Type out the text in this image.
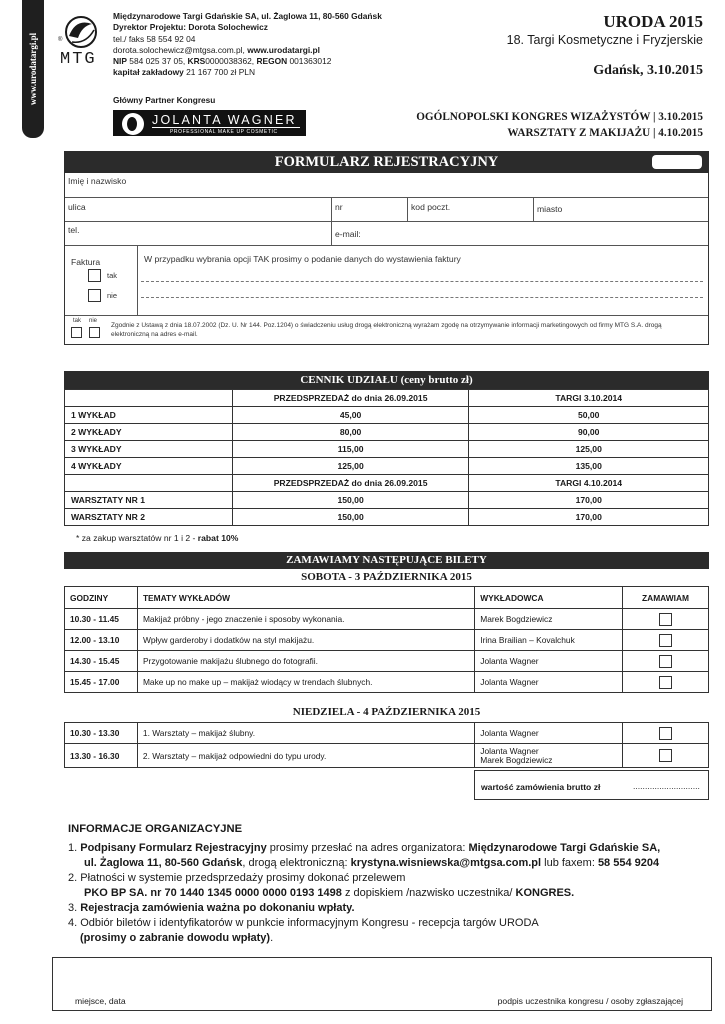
www.urodatargi.pl	®
MTG
Międzynarodowe Targi Gdańskie SA, ul. Żaglowa 11, 80-560 Gdańsk
Dyrektor Projektu: Dorota Solochewicz
tel./ faks 58 554 92 04
dorota.solochewicz@mtgsa.com.pl, www.urodatargi.pl
NIP 584 025 37 05, KRS0000038362, REGON 001363012
kapitał zakładowy 21 167 700 zł PLN
URODA 2015
18. Targi Kosmetyczne i Fryzjerskie
Gdańsk, 3.10.2015
Główny Partner Kongresu
JOLANTA WAGNER
PROFESSIONAL MAKE UP COSMETIC
OGÓLNOPOLSKI KONGRES WIZAŻYSTÓW | 3.10.2015
WARSZTATY Z MAKIJAŻU | 4.10.2015
FORMULARZ REJESTRACYJNY
Imię i nazwisko
ulica	nr	kod poczt.	miasto
tel.	e-mail:
Faktura
tak
nie
W przypadku wybrania opcji TAK prosimy o podanie danych do wystawienia faktury
tak nie
Zgodnie z Ustawą z dnia 18.07.2002 (Dz. U. Nr 144. Poz.1204) o świadczeniu usług drogą elektroniczną wyrażam zgodę na otrzymywanie informacji marketingowych od firmy MTG S.A. drogą elektroniczną na adres e-mail.
CENNIK UDZIAŁU (ceny brutto zł)
	PRZEDSPRZEDAŻ do dnia 26.09.2015	TARGI 3.10.2014
1 WYKŁAD	45,00	50,00
2 WYKŁADY	80,00	90,00
3 WYKŁADY	115,00	125,00
4 WYKŁADY	125,00	135,00
	PRZEDSPRZEDAŻ do dnia 26.09.2015	TARGI 4.10.2014
WARSZTATY NR 1	150,00	170,00
WARSZTATY NR 2	150,00	170,00
* za zakup warsztatów nr 1 i 2 - rabat 10%
ZAMAWIAMY NASTĘPUJĄCE BILETY
SOBOTA - 3 PAŹDZIERNIKA 2015
GODZINY	TEMATY WYKŁADÓW	WYKŁADOWCA	ZAMAWIAM
10.30 - 11.45	Makijaż próbny - jego znaczenie i sposoby wykonania.	Marek Bogdziewicz	
12.00 - 13.10	Wpływ garderoby i dodatków na styl makijażu.	Irina Brailian – Kovalchuk	
14.30 - 15.45	Przygotowanie makijażu ślubnego do fotografii.	Jolanta Wagner	
15.45 - 17.00	Make up no make up – makijaż wiodący w trendach ślubnych.	Jolanta Wagner	
NIEDZIELA - 4 PAŹDZIERNIKA 2015
10.30 - 13.30	1. Warsztaty – makijaż ślubny.	Jolanta Wagner	
13.30 - 16.30	2. Warsztaty – makijaż odpowiedni do typu urody.	Jolanta Wagner
Marek Bogdziewicz	

wartość zamówienia brutto zł	............................
INFORMACJE ORGANIZACYJNE
1. Podpisany Formularz Rejestracyjny prosimy przesłać na adres organizatora: Międzynarodowe Targi Gdańskie SA,
ul. Żaglowa 11, 80-560 Gdańsk, drogą elektroniczną: krystyna.wisniewska@mtgsa.com.pl lub faxem: 58 554 9204
2. Płatności w systemie przedsprzedaży prosimy dokonać przelewem
PKO BP SA. nr 70 1440 1345 0000 0000 0193 1498 z dopiskiem /nazwisko uczestnika/ KONGRES.
3. Rejestracja zamówienia ważna po dokonaniu wpłaty.
4. Odbiór biletów i identyfikatorów w punkcie informacyjnym Kongresu - recepcja targów URODA
(prosimy o zabranie dowodu wpłaty).
miejsce, data	podpis uczestnika kongresu / osoby zgłaszającej
